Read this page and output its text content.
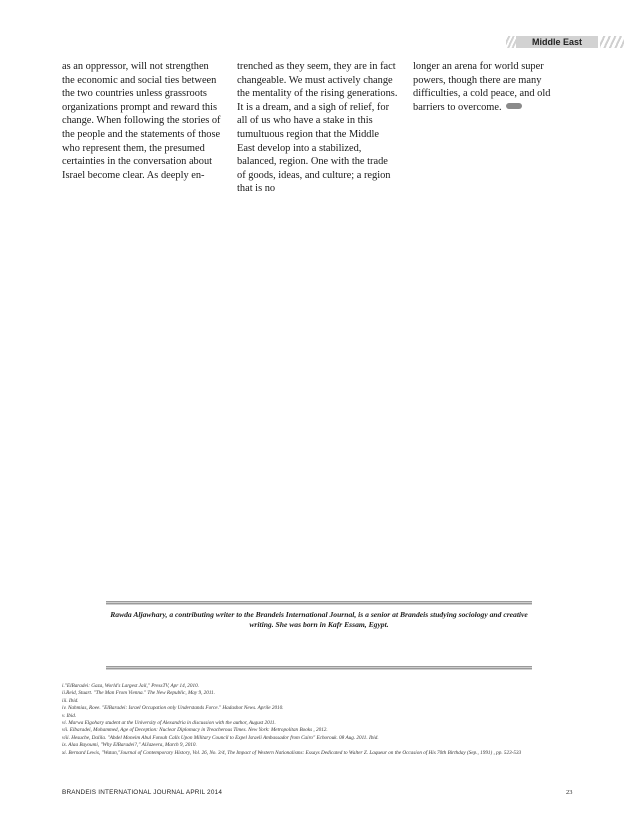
Middle East

as an oppressor, will not strengthen the economic and social ties between the two countries unless grassroots organizations prompt and reward this change. When following the stories of the people and the statements of those who represent them, the presumed certainties in the conversation about Israel become clear. As deeply en-

trenched as they seem, they are in fact changeable. We must actively change the mentality of the rising generations. It is a dream, and a sigh of relief, for all of us who have a stake in this tumultuous region that the Middle East develop into a stabilized, balanced, region. One with the trade of goods, ideas, and culture; a region that is no

longer an arena for world super powers, though there are many difficulties, a cold peace, and old barriers to overcome.

Rawda Aljawhary, a contributing writer to the Brandeis International Journal, is a senior at Brandeis studying sociology and creative writing. She was born in Kafr Essam, Egypt.
i."ElBaradei: Gaza, World's Largest Jail," PressTV, Apr 14, 2010.
ii.Reid, Stuart. "The Man From Vienna." The New Republic, May 9, 2011.
iii. Ibid.
iv. Nahmias, Roee. "ElBaradei: Israel Occupation only Understands Force." Hadashot News. Aprile 2010.
v. Ibid.
vi. Marwa Elgohary student at the University of Alexandria in discussion with the author, August 2011.
vii. Elbaradei, Mohammed, Age of Deception: Nuclear Diplomacy in Treacherous Times. New York: Metropolitan Books , 2012.
viii. Hesuche, Dalila. "Abdel Moneim Abul Fotouh Calls Upon Military Council to Expel Israeli Ambassador from Cairo" Echorouk. 08 Aug. 2011. Ibid.
ix. Alaa Bayoumi, "Why ElBaradei?," AlJazeera, March 9, 2010.
xi. Bernard Lewis, "Watan,"Journal of Contemporary History, Vol. 26, No. 3/4, The Impact of Western Nationalisms: Essays Dedicated to Walter Z. Laqueur on the Occasion of His 70th Birthday (Sep., 1991) , pp. 523-533
BRANDEIS INTERNATIONAL JOURNAL APRIL 2014	23
